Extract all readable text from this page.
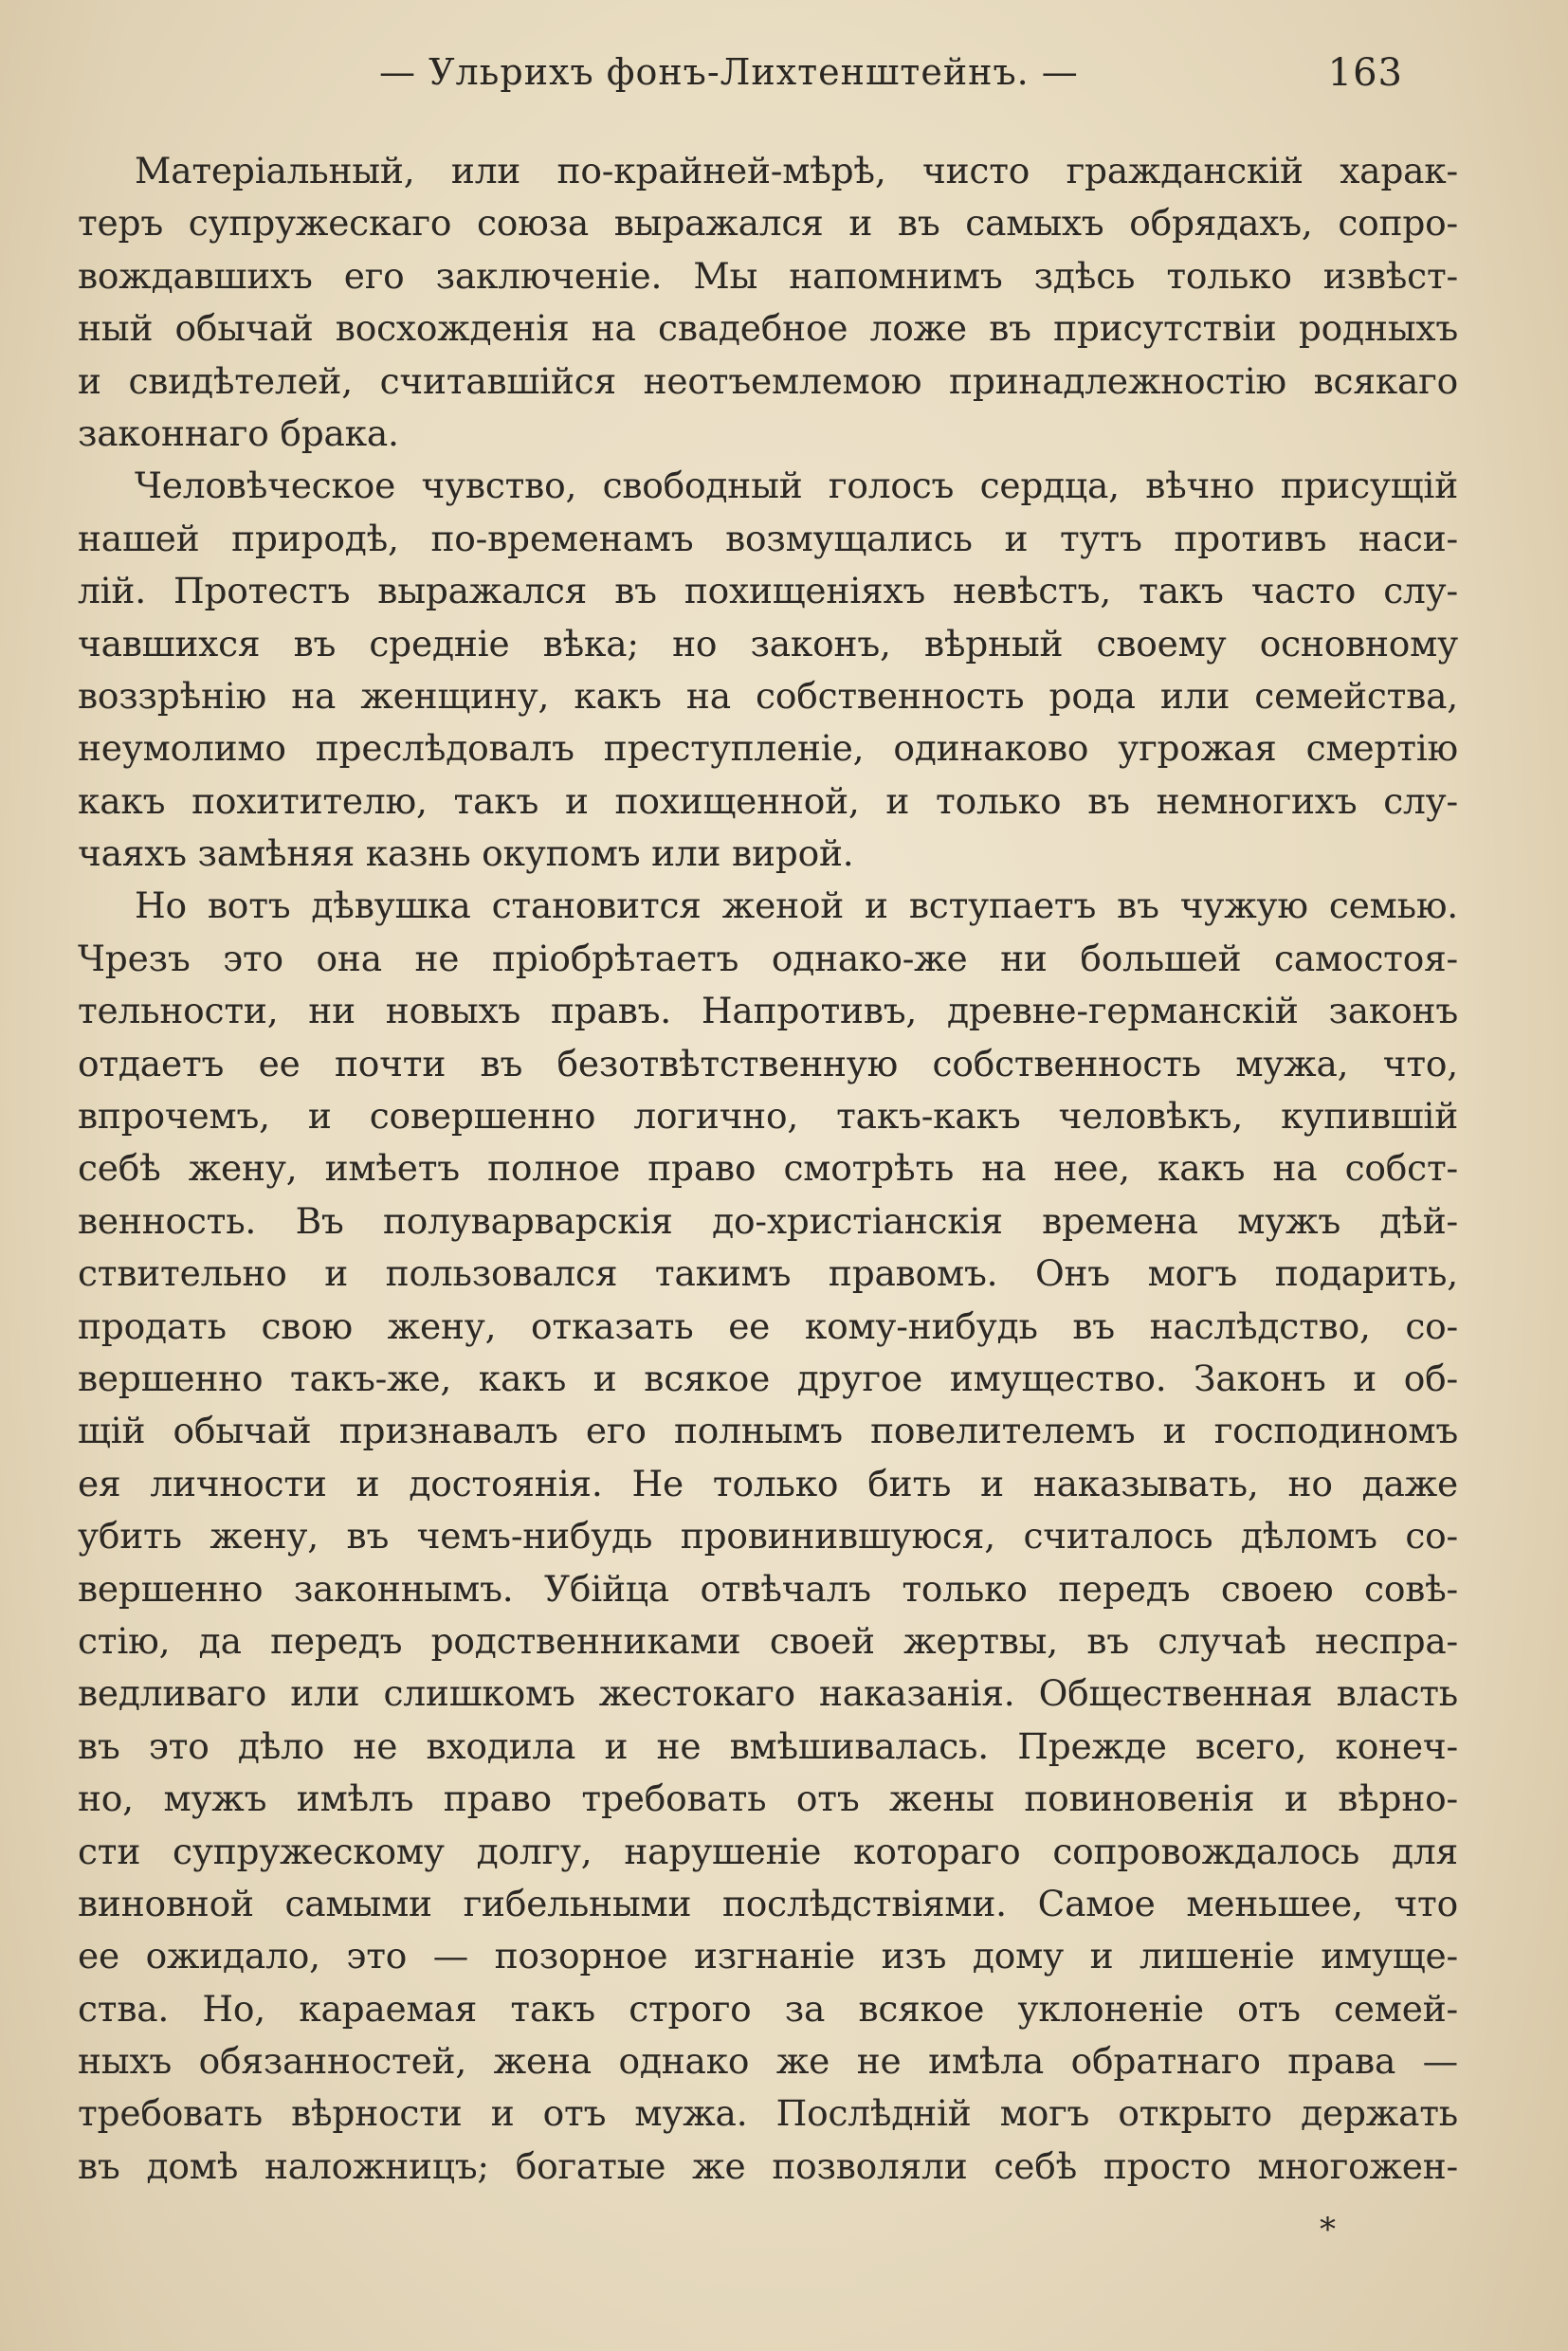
— Ульрихъ фонъ-Лихтенштейнъ. —	163
Матеріальный, или по-крайней-мѣрѣ, чисто гражданскій харак-
теръ супружескаго союза выражался и въ самыхъ обрядахъ, сопро-
вождавшихъ его заключеніе. Мы напомнимъ здѣсь только извѣст-
ный обычай восхожденія на свадебное ложе въ присутствіи родныхъ
и свидѣтелей, считавшійся неотъемлемою принадлежностію всякаго
законнаго брака.
Человѣческое чувство, свободный голосъ сердца, вѣчно присущій
нашей природѣ, по-временамъ возмущались и тутъ противъ наси-
лій. Протестъ выражался въ похищеніяхъ невѣстъ, такъ часто слу-
чавшихся въ средніе вѣка; но законъ, вѣрный своему основному
воззрѣнію на женщину, какъ на собственность рода или семейства,
неумолимо преслѣдовалъ преступленіе, одинаково угрожая смертію
какъ похитителю, такъ и похищенной, и только въ немногихъ слу-
чаяхъ замѣняя казнь окупомъ или вирой.
Но вотъ дѣвушка становится женой и вступаетъ въ чужую семью.
Чрезъ это она не пріобрѣтаетъ однако-же ни большей самостоя-
тельности, ни новыхъ правъ. Напротивъ, древне-германскій законъ
отдаетъ ее почти въ безотвѣтственную собственность мужа, что,
впрочемъ, и совершенно логично, такъ-какъ человѣкъ, купившій
себѣ жену, имѣетъ полное право смотрѣть на нее, какъ на собст-
венность. Въ полуварварскія до-христіанскія времена мужъ дѣй-
ствительно и пользовался такимъ правомъ. Онъ могъ подарить,
продать свою жену, отказать ее кому-нибудь въ наслѣдство, со-
вершенно такъ-же, какъ и всякое другое имущество. Законъ и об-
щій обычай признавалъ его полнымъ повелителемъ и господиномъ
ея личности и достоянія. Не только бить и наказывать, но даже
убить жену, въ чемъ-нибудь провинившуюся, считалось дѣломъ со-
вершенно законнымъ. Убійца отвѣчалъ только передъ своею совѣ-
стію, да передъ родственниками своей жертвы, въ случаѣ неспра-
ведливаго или слишкомъ жестокаго наказанія. Общественная власть
въ это дѣло не входила и не вмѣшивалась. Прежде всего, конеч-
но, мужъ имѣлъ право требовать отъ жены повиновенія и вѣрно-
сти супружескому долгу, нарушеніе котораго сопровождалось для
виновной самыми гибельными послѣдствіями. Самое меньшее, что
ее ожидало, это — позорное изгнаніе изъ дому и лишеніе имуще-
ства. Но, караемая такъ строго за всякое уклоненіе отъ семей-
ныхъ обязанностей, жена однако же не имѣла обратнаго права —
требовать вѣрности и отъ мужа. Послѣдній могъ открыто держать
въ домѣ наложницъ; богатые же позволяли себѣ просто многожен-
*
